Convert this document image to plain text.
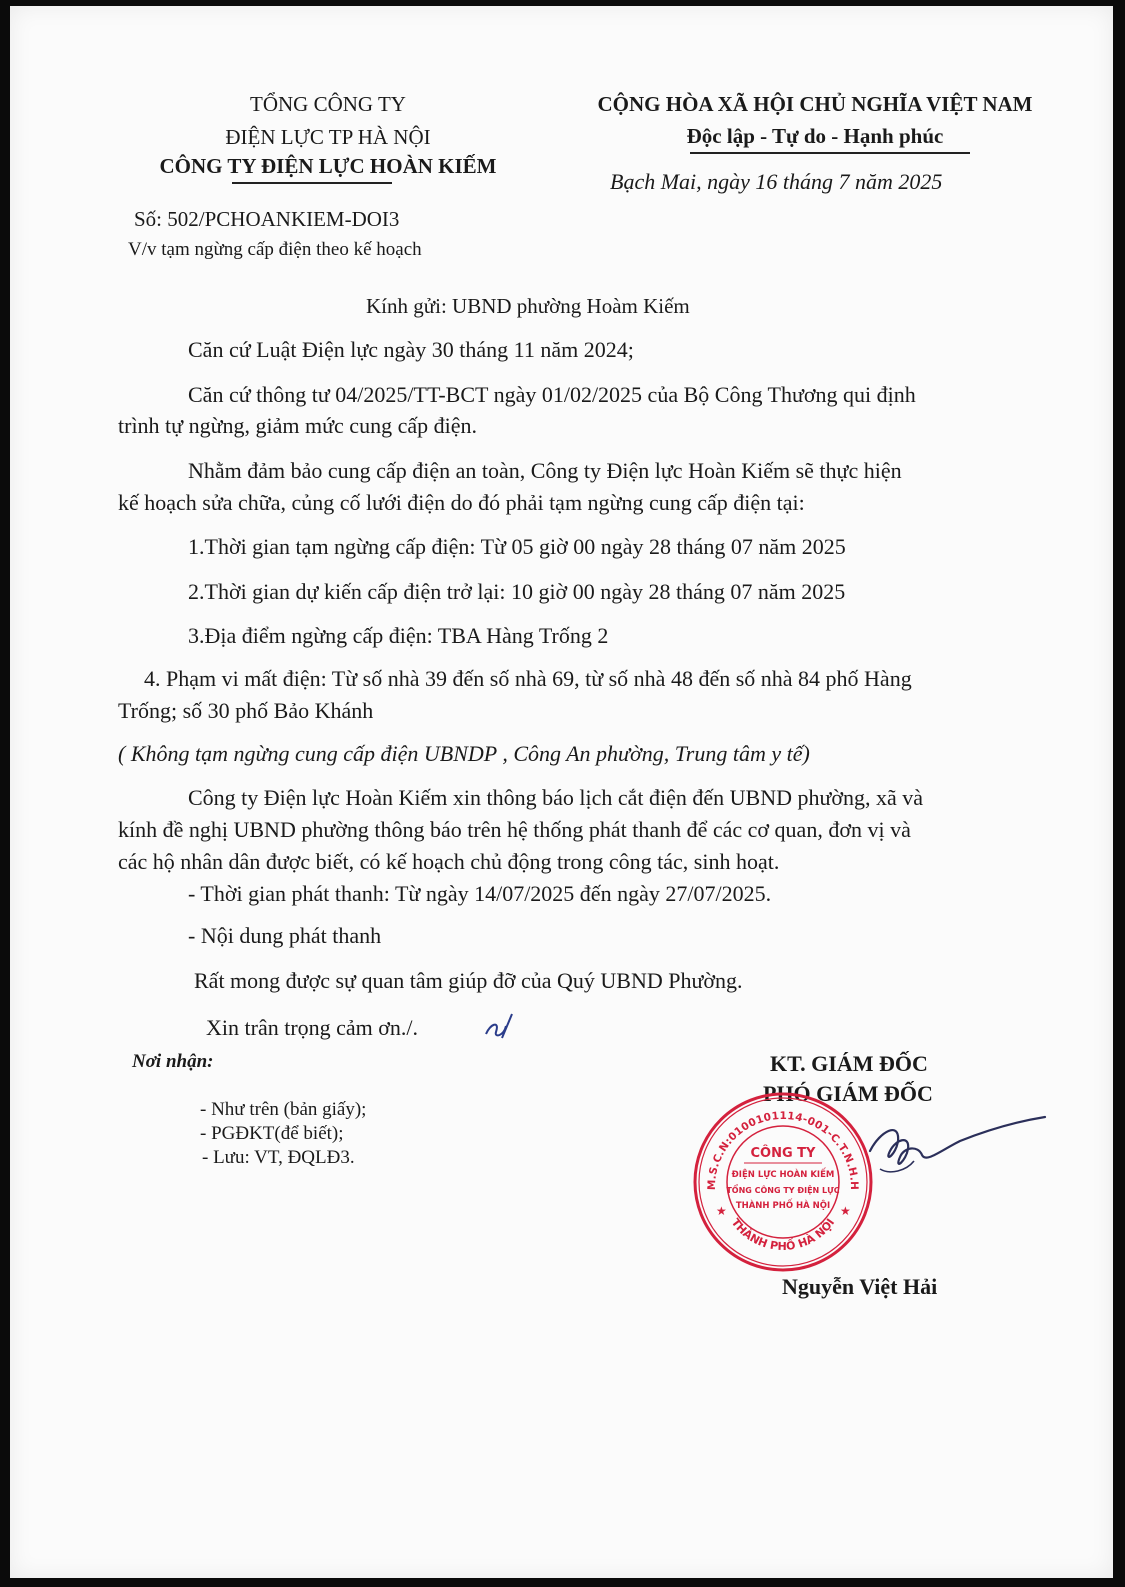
TỔNG CÔNG TY
ĐIỆN LỰC TP HÀ NỘI
CÔNG TY ĐIỆN LỰC HOÀN KIẾM
CỘNG HÒA XÃ HỘI CHỦ NGHĨA VIỆT NAM
Độc lập - Tự do - Hạnh phúc
Bạch Mai, ngày 16 tháng 7 năm 2025
Số: 502/PCHOANKIEM-DOI3
V/v tạm ngừng cấp điện theo kế hoạch
Kính gửi: UBND phường Hoàm Kiếm
Căn cứ Luật Điện lực ngày 30 tháng 11 năm 2024;
Căn cứ thông tư 04/2025/TT-BCT ngày 01/02/2025 của Bộ Công Thương qui định
trình tự ngừng, giảm mức cung cấp điện.
Nhằm đảm bảo cung cấp điện an toàn, Công ty Điện lực Hoàn Kiếm sẽ thực hiện
kế hoạch sửa chữa, củng cố lưới điện do đó phải tạm ngừng cung cấp điện tại:
1.Thời gian tạm ngừng cấp điện: Từ 05 giờ 00 ngày 28 tháng 07 năm 2025
2.Thời gian dự kiến cấp điện trở lại: 10 giờ 00 ngày 28 tháng 07 năm 2025
3.Địa điểm ngừng cấp điện: TBA Hàng Trống 2
4. Phạm vi mất điện: Từ số nhà 39 đến số nhà 69, từ số nhà 48 đến số nhà 84 phố Hàng
Trống; số 30 phố Bảo Khánh
( Không tạm ngừng cung cấp điện UBNDP , Công An phường, Trung tâm y tế)
Công ty Điện lực Hoàn Kiếm xin thông báo lịch cắt điện đến UBND phường, xã và
kính đề nghị UBND phường thông báo trên hệ thống phát thanh để các cơ quan, đơn vị và
các hộ nhân dân được biết, có kế hoạch chủ động trong công tác, sinh hoạt.
- Thời gian phát thanh: Từ ngày 14/07/2025 đến ngày 27/07/2025.
- Nội dung phát thanh
Rất mong được sự quan tâm giúp đỡ của Quý UBND Phường.
Xin trân trọng cảm ơn./.
Nơi nhận:
- Như trên (bản giấy);
- PGĐKT(để biết);
- Lưu: VT, ĐQLĐ3.
KT. GIÁM ĐỐC
PHÓ GIÁM ĐỐC
M.S.C.N:0100101114-001-C.T.N.H.H
THÀNH PHỐ HÀ NỘI
CÔNG TY
ĐIỆN LỰC HOÀN KIẾM
TỔNG CÔNG TY ĐIỆN LỰC
THÀNH PHỐ HÀ NỘI
★	★
Nguyễn Việt Hải
